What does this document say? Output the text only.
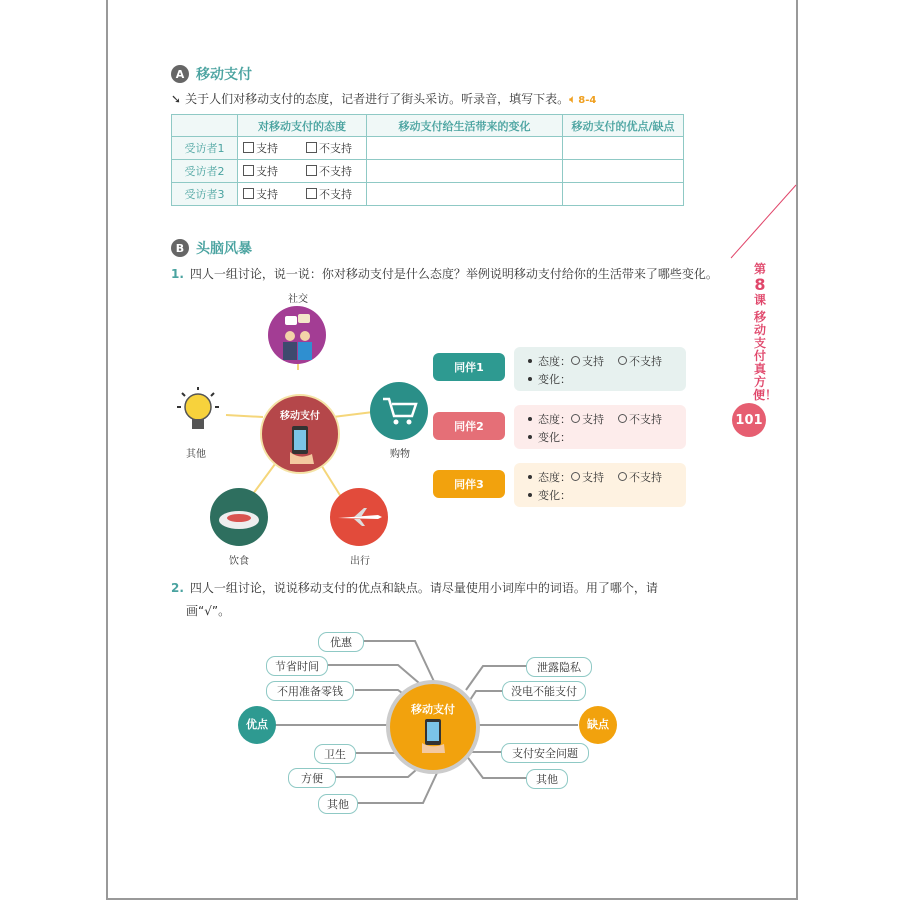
A 移动支付
➘ 关于人们对移动支付的态度，记者进行了街头采访。听录音，填写下表。🔈︎ 8-4
	对移动支付的态度	移动支付给生活带来的变化	移动支付的优点/缺点
受访者1	支持 不支持		
受访者2	支持 不支持		
受访者3	支持 不支持		
第
8
课
移动支付真方便！
101
B 头脑风暴
1. 四人一组讨论，说一说：你对移动支付是什么态度？举例说明移动支付给你的生活带来了哪些变化。
社交
购物
其他
饮食	出行
移动支付
同伴1	态度： 支持 不支持
变化：
同伴2
态度： 支持 不支持
变化：
同伴3
态度： 支持 不支持
变化：
2. 四人一组讨论，说说移动支付的优点和缺点。请尽量使用小词库中的词语。用了哪个，请
画“√”。
移动支付
优点	缺点
优惠
节省时间
不用准备零钱
卫生
方便
其他
泄露隐私
没电不能支付
支付安全问题
其他
